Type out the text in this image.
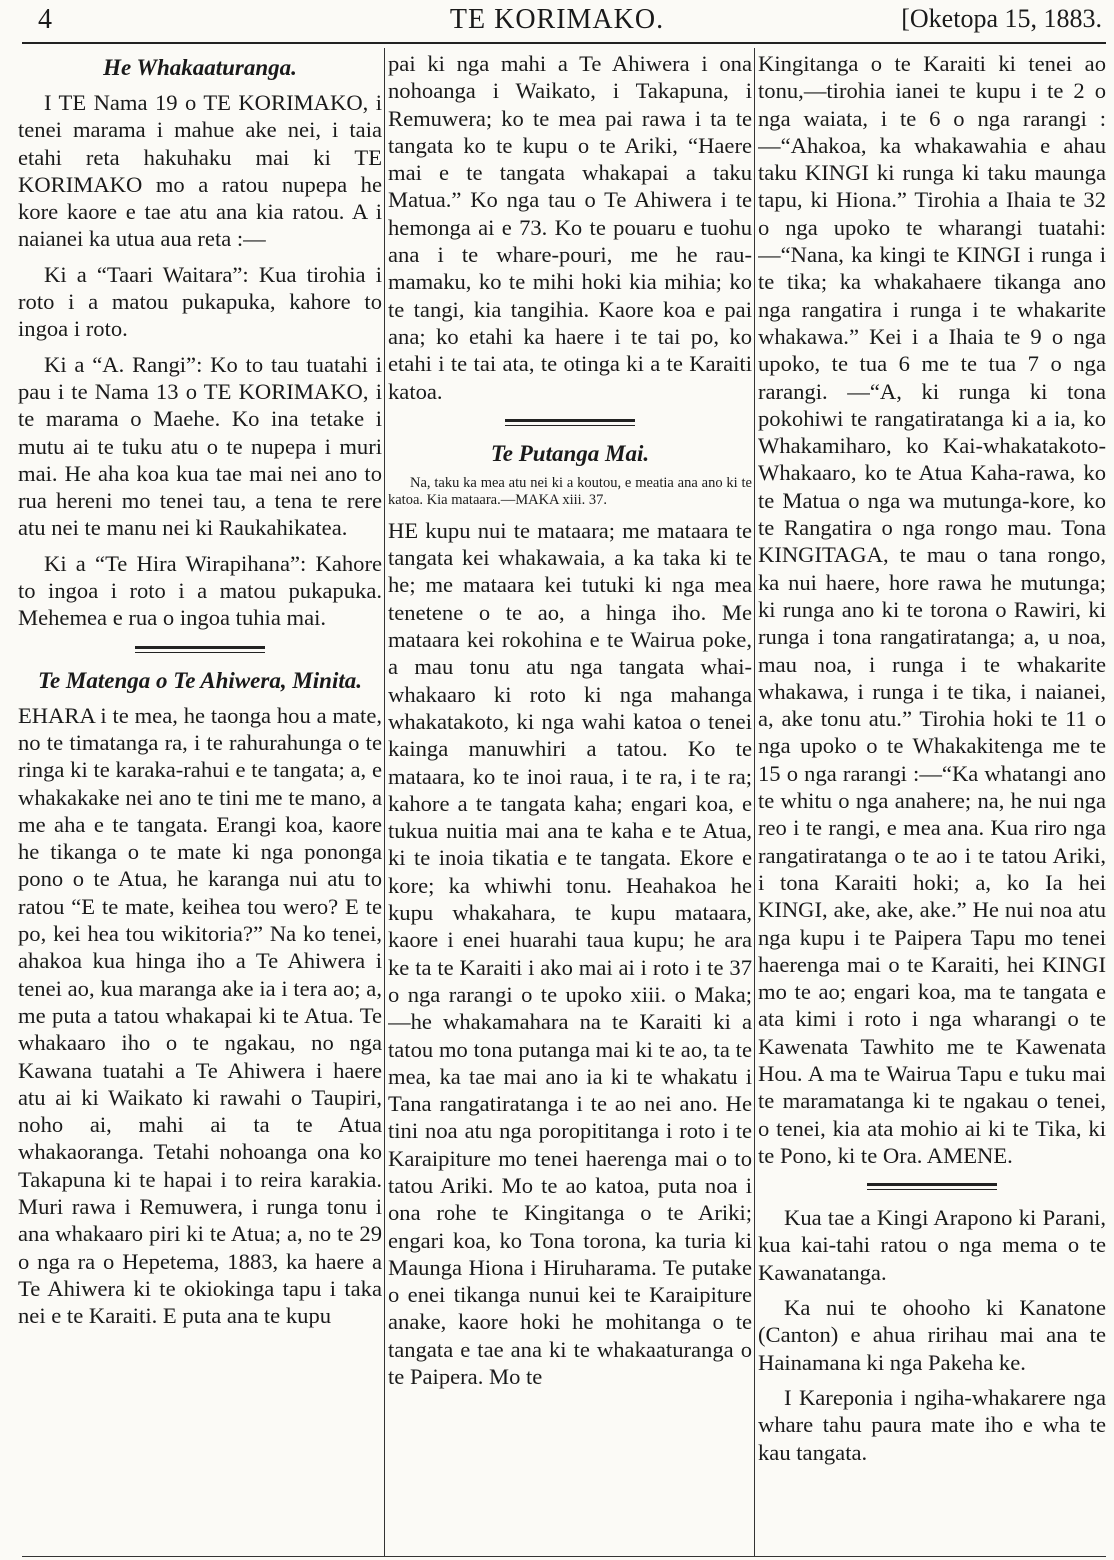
4	TE KORIMAKO.	[Oketopa 15, 1883.
He Whakaaturanga.

I TE Nama 19 o TE KORIMAKO, i tenei marama i mahue ake nei, i taia etahi reta hakuhaku mai ki TE KORIMAKO mo a ratou nupepa he kore kaore e tae atu ana kia ratou. A i naianei ka utua aua reta :—

Ki a “Taari Waitara”: Kua tirohia i roto i a matou pukapuka, kahore to ingoa i roto.

Ki a “A. Rangi”: Ko to tau tuatahi i pau i te Nama 13 o TE KORIMAKO, i te marama o Maehe. Ko ina tetake i mutu ai te tuku atu o te nupepa i muri mai. He aha koa kua tae mai nei ano to rua hereni mo tenei tau, a tena te rere atu nei te manu nei ki Raukahikatea.

Ki a “Te Hira Wirapihana”: Kahore to ingoa i roto i a matou pukapuka. Mehemea e rua o ingoa tuhia mai.

Te Matenga o Te Ahiwera, Minita.

EHARA i te mea, he taonga hou a mate, no te timatanga ra, i te rahurahunga o te ringa ki te karaka-rahui e te tangata; a, e whakakake nei ano te tini me te mano, a me aha e te tangata. Erangi koa, kaore he tikanga o te mate ki nga pononga pono o te Atua, he karanga nui atu to ratou “E te mate, keihea tou wero? E te po, kei hea tou wikitoria?” Na ko tenei, ahakoa kua hinga iho a Te Ahiwera i tenei ao, kua maranga ake ia i tera ao; a, me puta a tatou whakapai ki te Atua. Te whakaaro iho o te ngakau, no nga Kawana tuatahi a Te Ahiwera i haere atu ai ki Waikato ki rawahi o Taupiri, noho ai, mahi ai ta te Atua whakaoranga. Tetahi nohoanga ona ko Takapuna ki te hapai i to reira karakia. Muri rawa i Remuwera, i runga tonu i ana whakaaro piri ki te Atua; a, no te 29 o nga ra o Hepetema, 1883, ka haere a Te Ahiwera ki te okiokinga tapu i taka nei e te Karaiti. E puta ana te kupu

pai ki nga mahi a Te Ahiwera i ona nohoanga i Waikato, i Takapuna, i Remuwera; ko te mea pai rawa i ta te tangata ko te kupu o te Ariki, “Haere mai e te tangata whakapai a taku Matua.” Ko nga tau o Te Ahiwera i te hemonga ai e 73. Ko te pouaru e tuohu ana i te whare-pouri, me he rau-mamaku, ko te mihi hoki kia mihia; ko te tangi, kia tangihia. Kaore koa e pai ana; ko etahi ka haere i te tai po, ko etahi i te tai ata, te otinga ki a te Karaiti katoa.

Te Putanga Mai.

Na, taku ka mea atu nei ki a koutou, e meatia ana ano ki te katoa. Kia mataara.—MAKA xiii. 37.

HE kupu nui te mataara; me mataara te tangata kei whakawaia, a ka taka ki te he; me mataara kei tutuki ki nga mea tenetene o te ao, a hinga iho. Me mataara kei rokohina e te Wairua poke, a mau tonu atu nga tangata whai-whakaaro ki roto ki nga mahanga whakatakoto, ki nga wahi katoa o tenei kainga manuwhiri a tatou. Ko te mataara, ko te inoi raua, i te ra, i te ra; kahore a te tangata kaha; engari koa, e tukua nuitia mai ana te kaha e te Atua, ki te inoia tikatia e te tangata. Ekore e kore; ka whiwhi tonu. Heahakoa he kupu whakahara, te kupu mataara, kaore i enei huarahi taua kupu; he ara ke ta te Karaiti i ako mai ai i roto i te 37 o nga rarangi o te upoko xiii. o Maka; —he whakamahara na te Karaiti ki a tatou mo tona putanga mai ki te ao, ta te mea, ka tae mai ano ia ki te whakatu i Tana rangatiratanga i te ao nei ano. He tini noa atu nga poropititanga i roto i te Karaipiture mo tenei haerenga mai o to tatou Ariki. Mo te ao katoa, puta noa i ona rohe te Kingitanga o te Ariki; engari koa, ko Tona torona, ka turia ki Maunga Hiona i Hiruharama. Te putake o enei tikanga nunui kei te Karaipiture anake, kaore hoki he mohitanga o te tangata e tae ana ki te whakaaturanga o te Paipera. Mo te

Kingitanga o te Karaiti ki tenei ao tonu,—tirohia ianei te kupu i te 2 o nga waiata, i te 6 o nga rarangi :—“Ahakoa, ka whakawahia e ahau taku KINGI ki runga ki taku maunga tapu, ki Hiona.” Tirohia a Ihaia te 32 o nga upoko te wharangi tuatahi: —“Nana, ka kingi te KINGI i runga i te tika; ka whakahaere tikanga ano nga rangatira i runga i te whakarite whakawa.” Kei i a Ihaia te 9 o nga upoko, te tua 6 me te tua 7 o nga rarangi. —“A, ki runga ki tona pokohiwi te rangatiratanga ki a ia, ko Whakamiharo, ko Kai-whakatakoto-Whakaaro, ko te Atua Kaha-rawa, ko te Matua o nga wa mutunga-kore, ko te Rangatira o nga rongo mau. Tona KINGITAGA, te mau o tana rongo, ka nui haere, hore rawa he mutunga; ki runga ano ki te torona o Rawiri, ki runga i tona rangatiratanga; a, u noa, mau noa, i runga i te whakarite whakawa, i runga i te tika, i naianei, a, ake tonu atu.” Tirohia hoki te 11 o nga upoko o te Whakakitenga me te 15 o nga rarangi :—“Ka whatangi ano te whitu o nga anahere; na, he nui nga reo i te rangi, e mea ana. Kua riro nga rangatiratanga o te ao i te tatou Ariki, i tona Karaiti hoki; a, ko Ia hei KINGI, ake, ake, ake.” He nui noa atu nga kupu i te Paipera Tapu mo tenei haerenga mai o te Karaiti, hei KINGI mo te ao; engari koa, ma te tangata e ata kimi i roto i nga wharangi o te Kawenata Tawhito me te Kawenata Hou. A ma te Wairua Tapu e tuku mai te maramatanga ki te ngakau o tenei, o tenei, kia ata mohio ai ki te Tika, ki te Pono, ki te Ora. AMENE.

Kua tae a Kingi Arapono ki Parani, kua kai-tahi ratou o nga mema o te Kawanatanga.

Ka nui te ohooho ki Kanatone (Canton) e ahua ririhau mai ana te Hainamana ki nga Pakeha ke.

I Kareponia i ngiha-whakarere nga whare tahu paura mate iho e wha te kau tangata.
